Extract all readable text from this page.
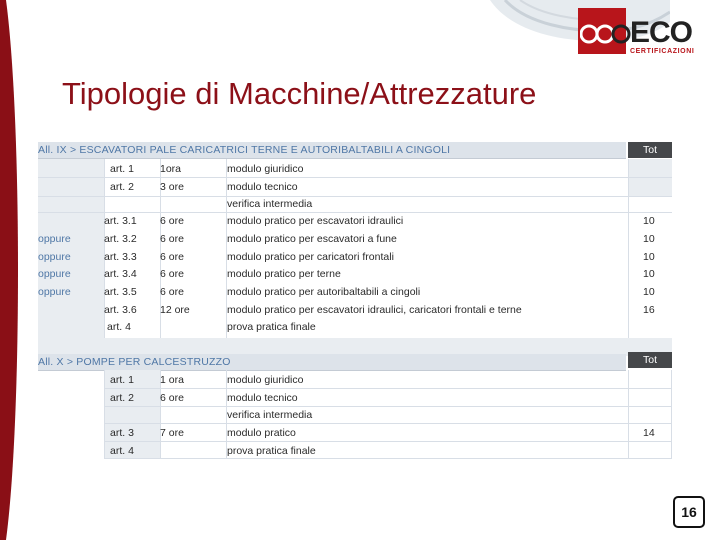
ECO
CERTIFICAZIONI
Tipologie di Macchine/Attrezzature
All. IX > ESCAVATORI PALE CARICATRICI TERNE E AUTORIBALTABILI A CINGOLI	Tot
art. 1 1ora	modulo giuridico
art. 2 3 ore	modulo tecnico
verifica intermedia
art. 3.1 6 ore	modulo pratico per escavatori idraulici	10
oppure	art. 3.2 6 ore	modulo pratico per escavatori a fune	10
oppure	art. 3.3 6 ore	modulo pratico per caricatori frontali	10
oppure	art. 3.4 6 ore	modulo pratico per terne	10
oppure	art. 3.5 6 ore	modulo pratico per autoribaltabili a cingoli	10
art. 3.6 12 ore	modulo pratico per escavatori idraulici, caricatori frontali e terne	16
art. 4	prova pratica finale
All. X > POMPE PER CALCESTRUZZO	Tot
art. 1 1 ora	modulo giuridico
art. 2 6 ore	modulo tecnico
verifica intermedia
art. 3 7 ore	modulo pratico	14
art. 4	prova pratica finale
16
